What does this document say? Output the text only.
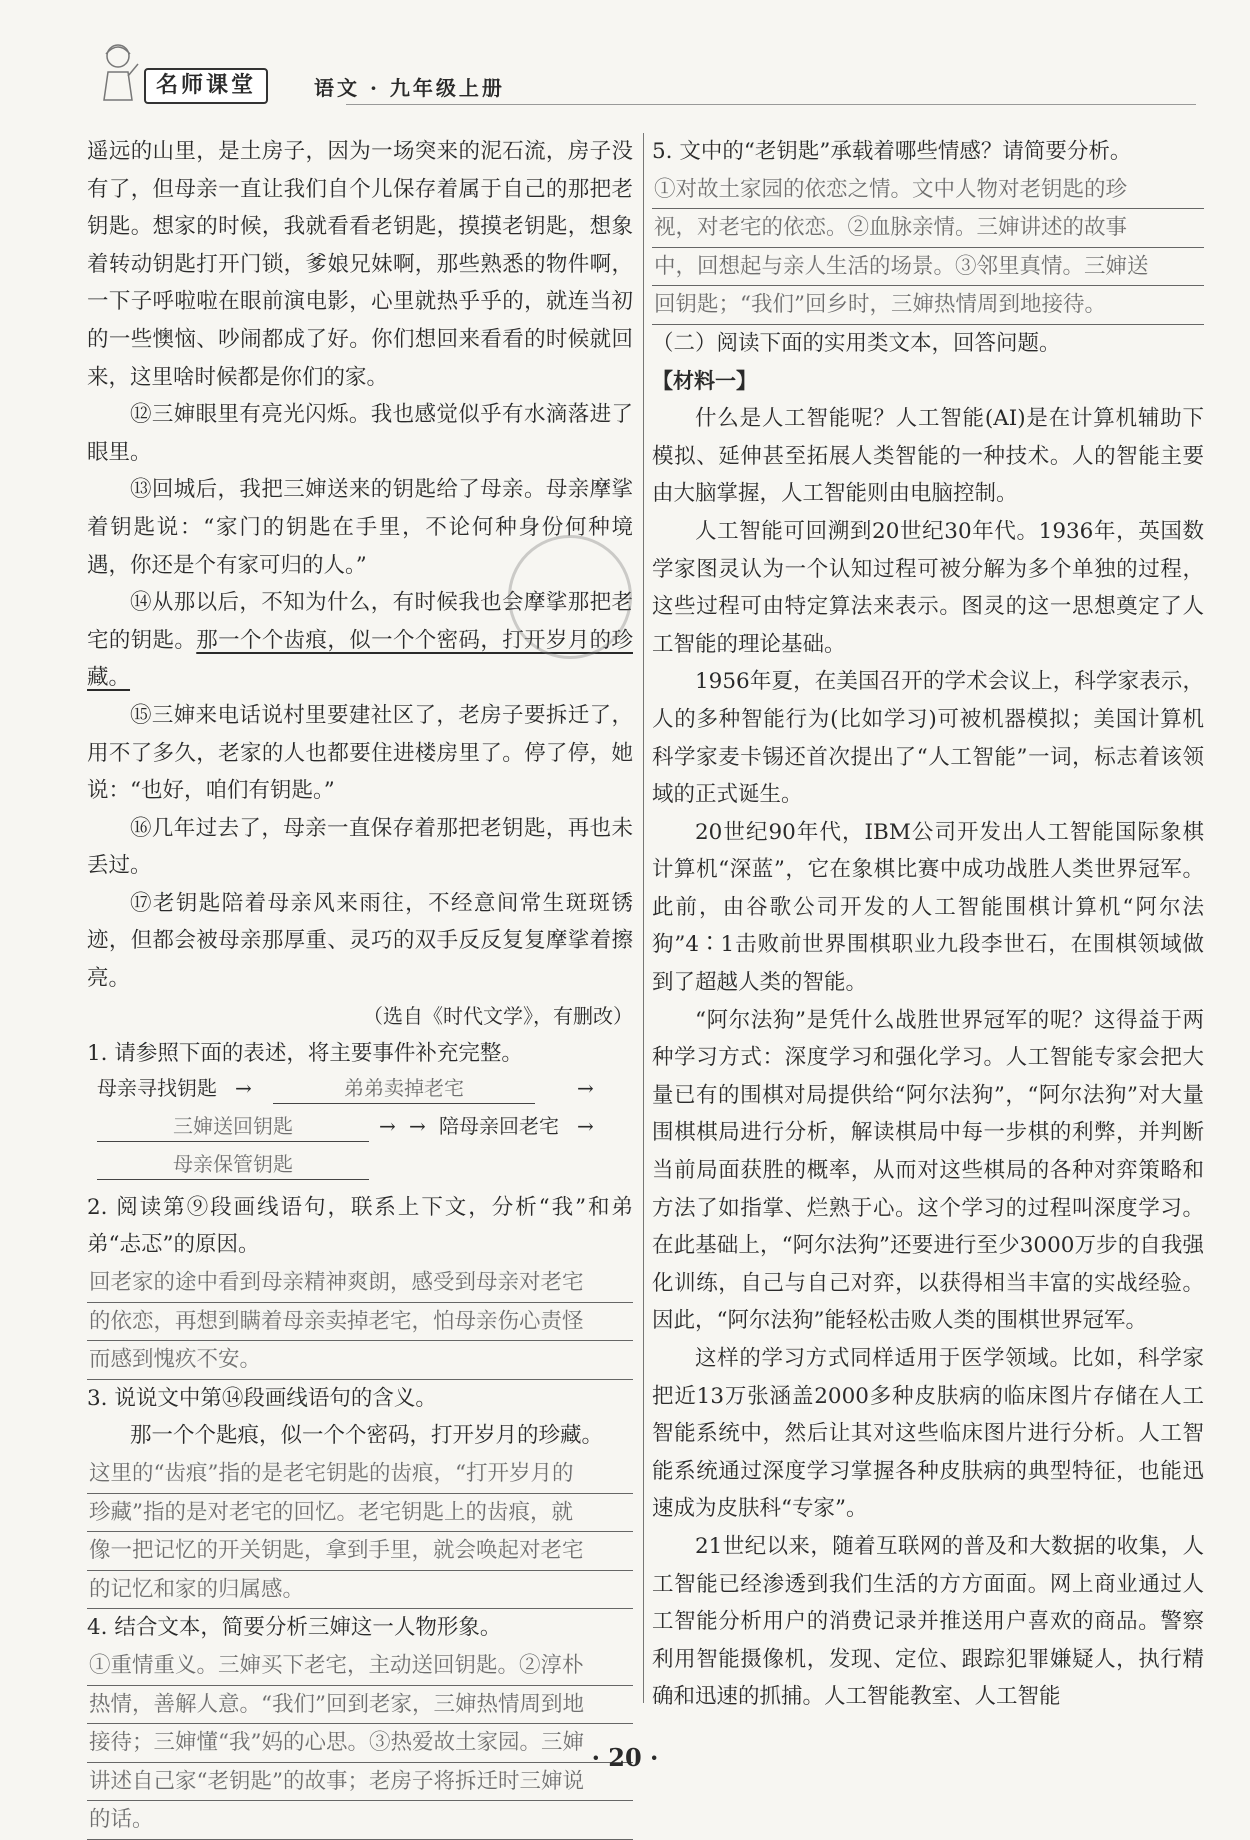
名师课堂	语文 · 九年级上册

遥远的山里，是土房子，因为一场突来的泥石流，房子没有了，但母亲一直让我们自个儿保存着属于自己的那把老钥匙。想家的时候，我就看看老钥匙，摸摸老钥匙，想象着转动钥匙打开门锁，爹娘兄妹啊，那些熟悉的物件啊，一下子呼啦啦在眼前演电影，心里就热乎乎的，就连当初的一些懊恼、吵闹都成了好。你们想回来看看的时候就回来，这里啥时候都是你们的家。

⑫三婶眼里有亮光闪烁。我也感觉似乎有水滴落进了眼里。

⑬回城后，我把三婶送来的钥匙给了母亲。母亲摩挲着钥匙说：“家门的钥匙在手里，不论何种身份何种境遇，你还是个有家可归的人。”

⑭从那以后，不知为什么，有时候我也会摩挲那把老宅的钥匙。那一个个齿痕，似一个个密码，打开岁月的珍藏。

⑮三婶来电话说村里要建社区了，老房子要拆迁了，用不了多久，老家的人也都要住进楼房里了。停了停，她说：“也好，咱们有钥匙。”

⑯几年过去了，母亲一直保存着那把老钥匙，再也未丢过。

⑰老钥匙陪着母亲风来雨往，不经意间常生斑斑锈迹，但都会被母亲那厚重、灵巧的双手反反复复摩挲着擦亮。

（选自《时代文学》，有删改）

1. 请参照下面的表述，将主要事件补充完整。

母亲寻找钥匙 →	弟弟卖掉老宅	→
三婶送回钥匙	→ → 陪母亲回老宅 →
母亲保管钥匙

2. 阅读第⑨段画线语句，联系上下文，分析“我”和弟弟“忐忑”的原因。

回老家的途中看到母亲精神爽朗，感受到母亲对老宅
的依恋，再想到瞒着母亲卖掉老宅，怕母亲伤心责怪
而感到愧疚不安。

3. 说说文中第⑭段画线语句的含义。

那一个个匙痕，似一个个密码，打开岁月的珍藏。

这里的“齿痕”指的是老宅钥匙的齿痕，“打开岁月的
珍藏”指的是对老宅的回忆。老宅钥匙上的齿痕，就
像一把记忆的开关钥匙，拿到手里，就会唤起对老宅
的记忆和家的归属感。

4. 结合文本，简要分析三婶这一人物形象。

①重情重义。三婶买下老宅，主动送回钥匙。②淳朴
热情，善解人意。“我们”回到老家，三婶热情周到地
接待；三婶懂“我”妈的心思。③热爱故土家园。三婶
讲述自己家“老钥匙”的故事；老房子将拆迁时三婶说
的话。

5. 文中的“老钥匙”承载着哪些情感？请简要分析。

①对故土家园的依恋之情。文中人物对老钥匙的珍
视，对老宅的依恋。②血脉亲情。三婶讲述的故事
中，回想起与亲人生活的场景。③邻里真情。三婶送
回钥匙；“我们”回乡时，三婶热情周到地接待。

（二）阅读下面的实用类文本，回答问题。

【材料一】

什么是人工智能呢？人工智能(AI)是在计算机辅助下模拟、延伸甚至拓展人类智能的一种技术。人的智能主要由大脑掌握，人工智能则由电脑控制。

人工智能可回溯到20世纪30年代。1936年，英国数学家图灵认为一个认知过程可被分解为多个单独的过程，这些过程可由特定算法来表示。图灵的这一思想奠定了人工智能的理论基础。

1956年夏，在美国召开的学术会议上，科学家表示，人的多种智能行为(比如学习)可被机器模拟；美国计算机科学家麦卡锡还首次提出了“人工智能”一词，标志着该领域的正式诞生。

20世纪90年代，IBM公司开发出人工智能国际象棋计算机“深蓝”，它在象棋比赛中成功战胜人类世界冠军。此前，由谷歌公司开发的人工智能围棋计算机“阿尔法狗”4∶1击败前世界围棋职业九段李世石，在围棋领域做到了超越人类的智能。

“阿尔法狗”是凭什么战胜世界冠军的呢？这得益于两种学习方式：深度学习和强化学习。人工智能专家会把大量已有的围棋对局提供给“阿尔法狗”，“阿尔法狗”对大量围棋棋局进行分析，解读棋局中每一步棋的利弊，并判断当前局面获胜的概率，从而对这些棋局的各种对弈策略和方法了如指掌、烂熟于心。这个学习的过程叫深度学习。在此基础上，“阿尔法狗”还要进行至少3000万步的自我强化训练，自己与自己对弈，以获得相当丰富的实战经验。因此，“阿尔法狗”能轻松击败人类的围棋世界冠军。

这样的学习方式同样适用于医学领域。比如，科学家把近13万张涵盖2000多种皮肤病的临床图片存储在人工智能系统中，然后让其对这些临床图片进行分析。人工智能系统通过深度学习掌握各种皮肤病的典型特征，也能迅速成为皮肤科“专家”。

21世纪以来，随着互联网的普及和大数据的收集，人工智能已经渗透到我们生活的方方面面。网上商业通过人工智能分析用户的消费记录并推送用户喜欢的商品。警察利用智能摄像机，发现、定位、跟踪犯罪嫌疑人，执行精确和迅速的抓捕。人工智能教室、人工智能

· 20 ·
